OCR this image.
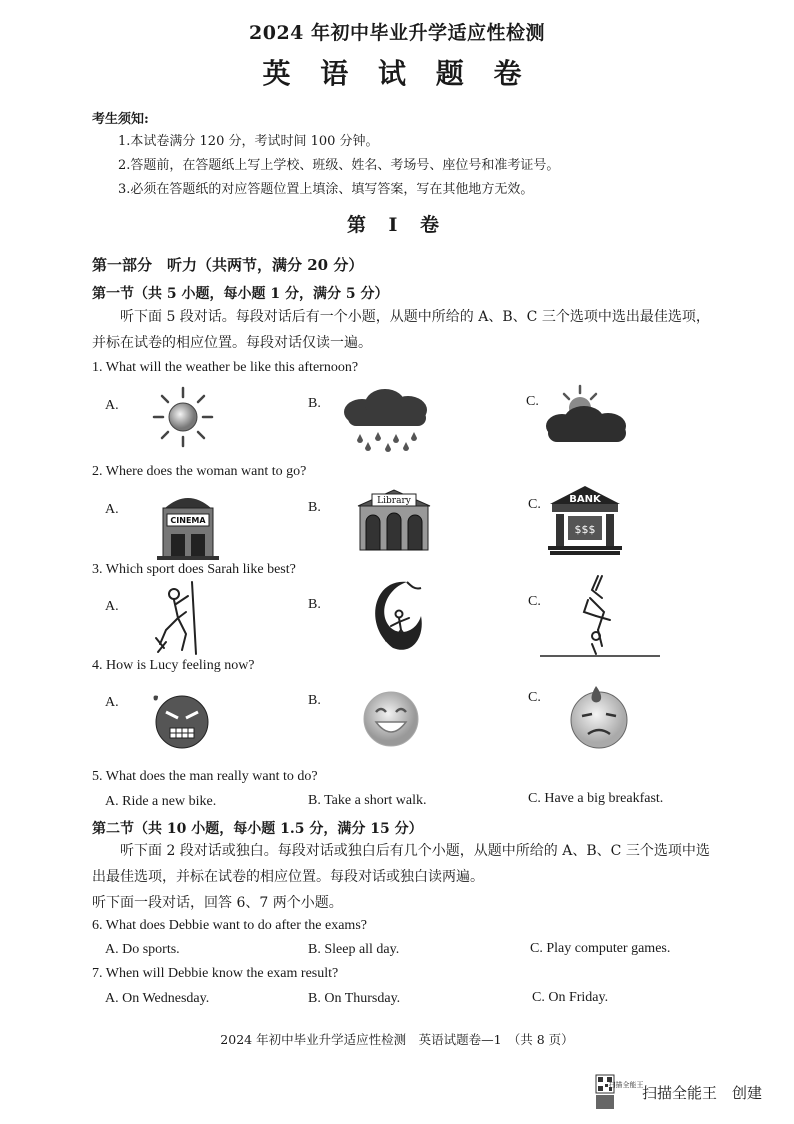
2024 年初中毕业升学适应性检测
英 语 试 题 卷
考生须知:
1.本试卷满分 120 分，考试时间 100 分钟。
2.答题前，在答题纸上写上学校、班级、姓名、考场号、座位号和准考证号。
3.必须在答题纸的对应答题位置上填涂、填写答案，写在其他地方无效。
第 I 卷
第一部分　听力（共两节，满分 20 分）
第一节（共 5 小题，每小题 1 分，满分 5 分）
听下面 5 段对话。每段对话后有一个小题，从题中所给的 A、B、C 三个选项中选出最佳选项，
并标在试卷的相应位置。每段对话仅读一遍。
1. What will the weather be like this afternoon?
A.	B.	C.
2. Where does the woman want to go?
A.	B.	C.
CINEMA
Library	BANK
$$$
3. Which sport does Sarah like best?
A.	B.	C.
4. How is Lucy feeling now?
A.	B.	C.
5. What does the man really want to do?
A. Ride a new bike.	B. Take a short walk.	C. Have a big breakfast.
第二节（共 10 小题，每小题 1.5 分，满分 15 分）
听下面 2 段对话或独白。每段对话或独白后有几个小题，从题中所给的 A、B、C 三个选项中选
出最佳选项，并标在试卷的相应位置。每段对话或独白读两遍。
听下面一段对话，回答 6、7 两个小题。
6. What does Debbie want to do after the exams?
A. Do sports.	B. Sleep all day.	C. Play computer games.
7. When will Debbie know the exam result?
A. On Wednesday.	B. On Thursday.	C. On Friday.
2024 年初中毕业升学适应性检测　英语试题卷—1　（共 8 页）
扫描全能王
扫描全能王　创建
